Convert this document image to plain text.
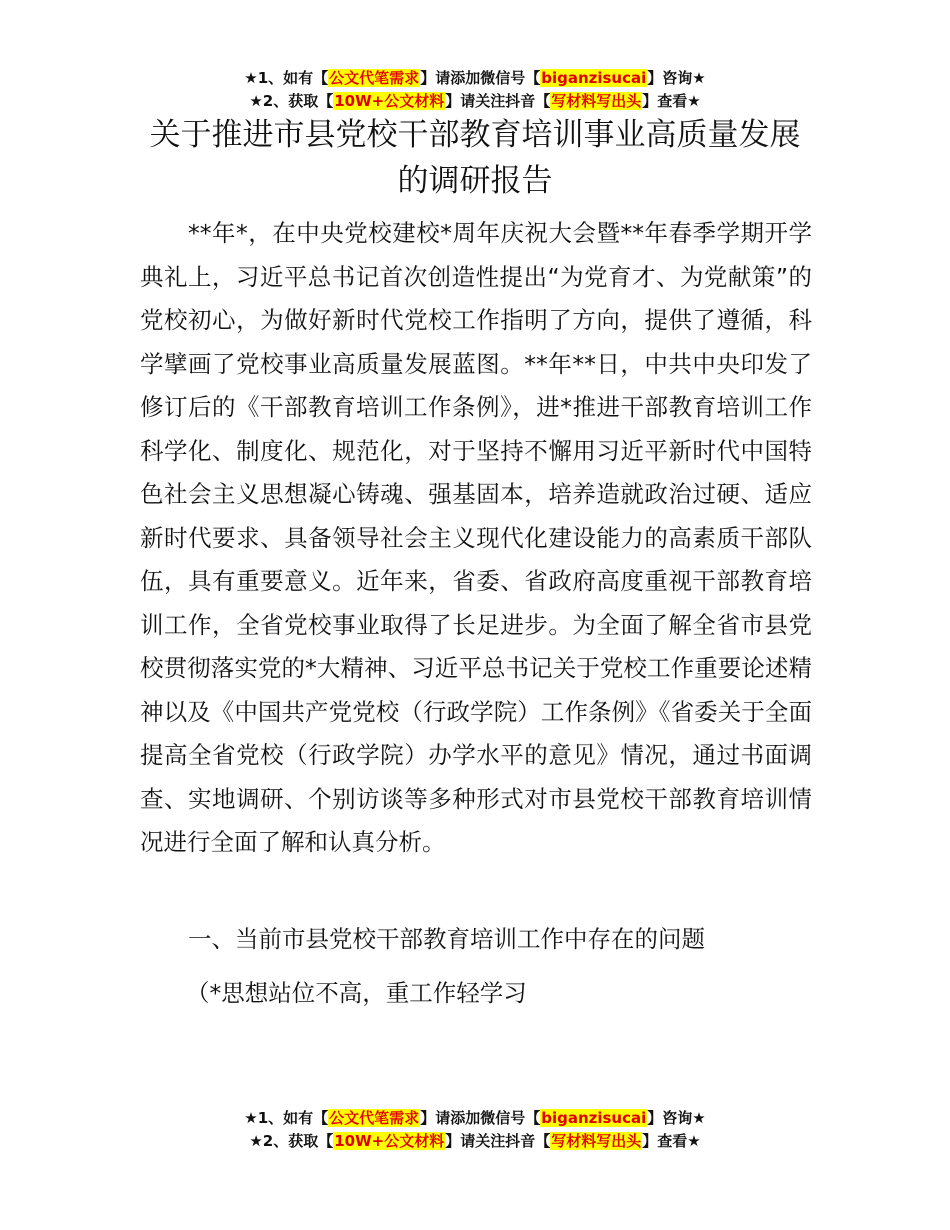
★1、如有【公文代笔需求】请添加微信号【biganzisucai】咨询★
★2、获取【10W+公文材料】请关注抖音【写材料写出头】查看★
关于推进市县党校干部教育培训事业高质量发展的调研报告

**年*，在中央党校建校*周年庆祝大会暨**年春季学期开学典礼上，习近平总书记首次创造性提出“为党育才、为党献策”的党校初心，为做好新时代党校工作指明了方向，提供了遵循，科学擘画了党校事业高质量发展蓝图。**年**日，中共中央印发了修订后的《干部教育培训工作条例》，进*推进干部教育培训工作科学化、制度化、规范化，对于坚持不懈用习近平新时代中国特色社会主义思想凝心铸魂、强基固本，培养造就政治过硬、适应新时代要求、具备领导社会主义现代化建设能力的高素质干部队伍，具有重要意义。近年来，省委、省政府高度重视干部教育培训工作，全省党校事业取得了长足进步。为全面了解全省市县党校贯彻落实党的*大精神、习近平总书记关于党校工作重要论述精神以及《中国共产党党校（行政学院）工作条例》《省委关于全面提高全省党校（行政学院）办学水平的意见》情况，通过书面调查、实地调研、个别访谈等多种形式对市县党校干部教育培训情况进行全面了解和认真分析。

一、当前市县党校干部教育培训工作中存在的问题

（*思想站位不高，重工作轻学习

★1、如有【公文代笔需求】请添加微信号【biganzisucai】咨询★
★2、获取【10W+公文材料】请关注抖音【写材料写出头】查看★
